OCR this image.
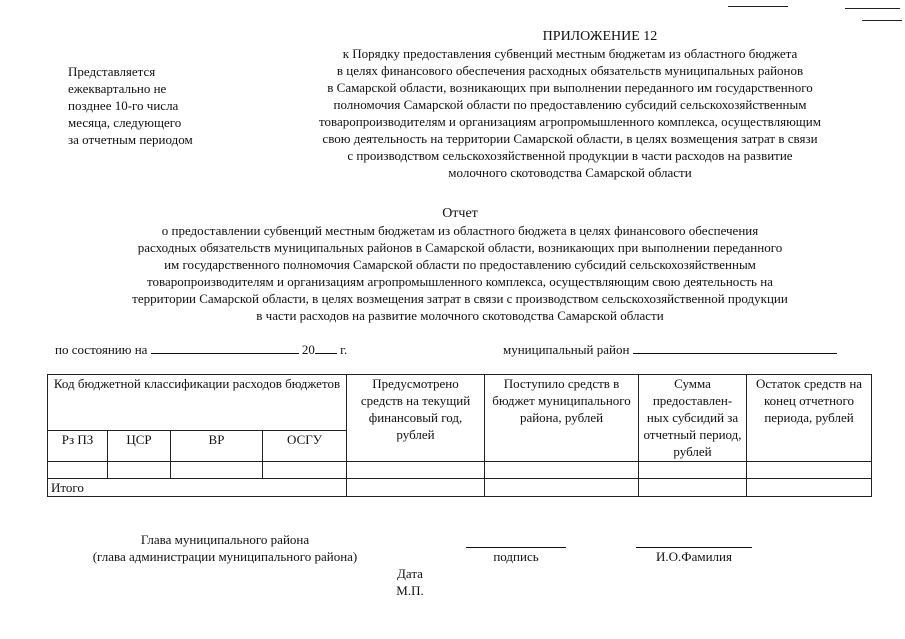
ПРИЛОЖЕНИЕ 12
к Порядку предоставления субвенций местным бюджетам из областного бюджета
в целях финансового обеспечения расходных обязательств муниципальных районов
в Самарской области, возникающих при выполнении переданного им государственного
полномочия Самарской области по предоставлению субсидий сельскохозяйственным
товаропроизводителям и организациям агропромышленного комплекса, осуществляющим
свою деятельность на территории Самарской области, в целях возмещения затрат в связи
с производством сельскохозяйственной продукции в части расходов на развитие
молочного скотоводства Самарской области
Представляется
ежеквартально не
позднее 10-го числа
месяца, следующего
за отчетным периодом
Отчет
о предоставлении субвенций местным бюджетам из областного бюджета в целях финансового обеспечения
расходных обязательств муниципальных районов в Самарской области, возникающих при выполнении переданного
им государственного полномочия Самарской области по предоставлению субсидий сельскохозяйственным
товаропроизводителям и организациям агропромышленного комплекса, осуществляющим свою деятельность на
территории Самарской области, в целях возмещения затрат в связи с производством сельскохозяйственной продукции
в части расходов на развитие молочного скотоводства Самарской области
по состоянию на	20 г.	муниципальный район
Код бюджетной классификации расходов бюджетов				Предусмотрено средств на текущий финансовый год, рублей	Поступило средств в бюджет муниципального района, рублей	Сумма предоставлен-ных субсидий за отчетный период, рублей	Остаток средств на конец отчетного периода, рублей
Рз ПЗ	ЦСР	ВР	ОСГУ				

Итого							
Глава муниципального района
(глава администрации муниципального района)	подпись	И.О.Фамилия
Дата
М.П.
